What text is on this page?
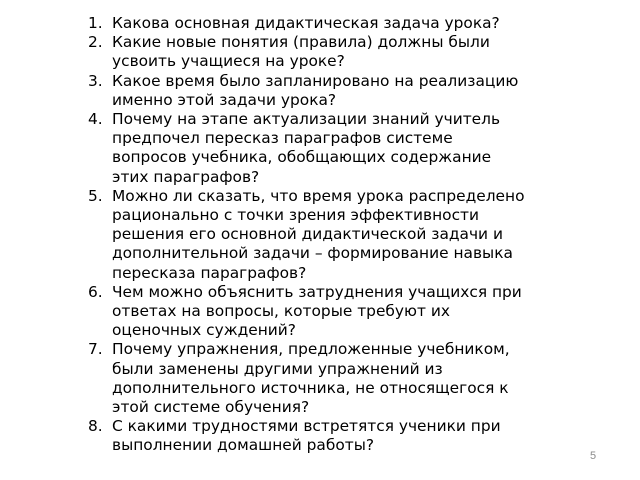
1. Какова основная дидактическая задача урока?
2. Какие новые понятия (правила) должны были усвоить учащиеся на уроке?
3. Какое время было запланировано на реализацию именно этой задачи урока?
4. Почему на этапе актуализации знаний учитель предпочел пересказ параграфов системе вопросов учебника, обобщающих содержание этих параграфов?
5. Можно ли сказать, что время урока распределено рационально с точки зрения эффективности решения его основной дидактической задачи и дополнительной задачи – формирование навыка пересказа параграфов?
6. Чем можно объяснить затруднения учащихся при ответах на вопросы, которые требуют их оценочных суждений?
7. Почему упражнения, предложенные учебником, были заменены другими упражнений из дополнительного источника, не относящегося к этой системе обучения?
8. С какими трудностями встретятся ученики при выполнении домашней работы?
5
